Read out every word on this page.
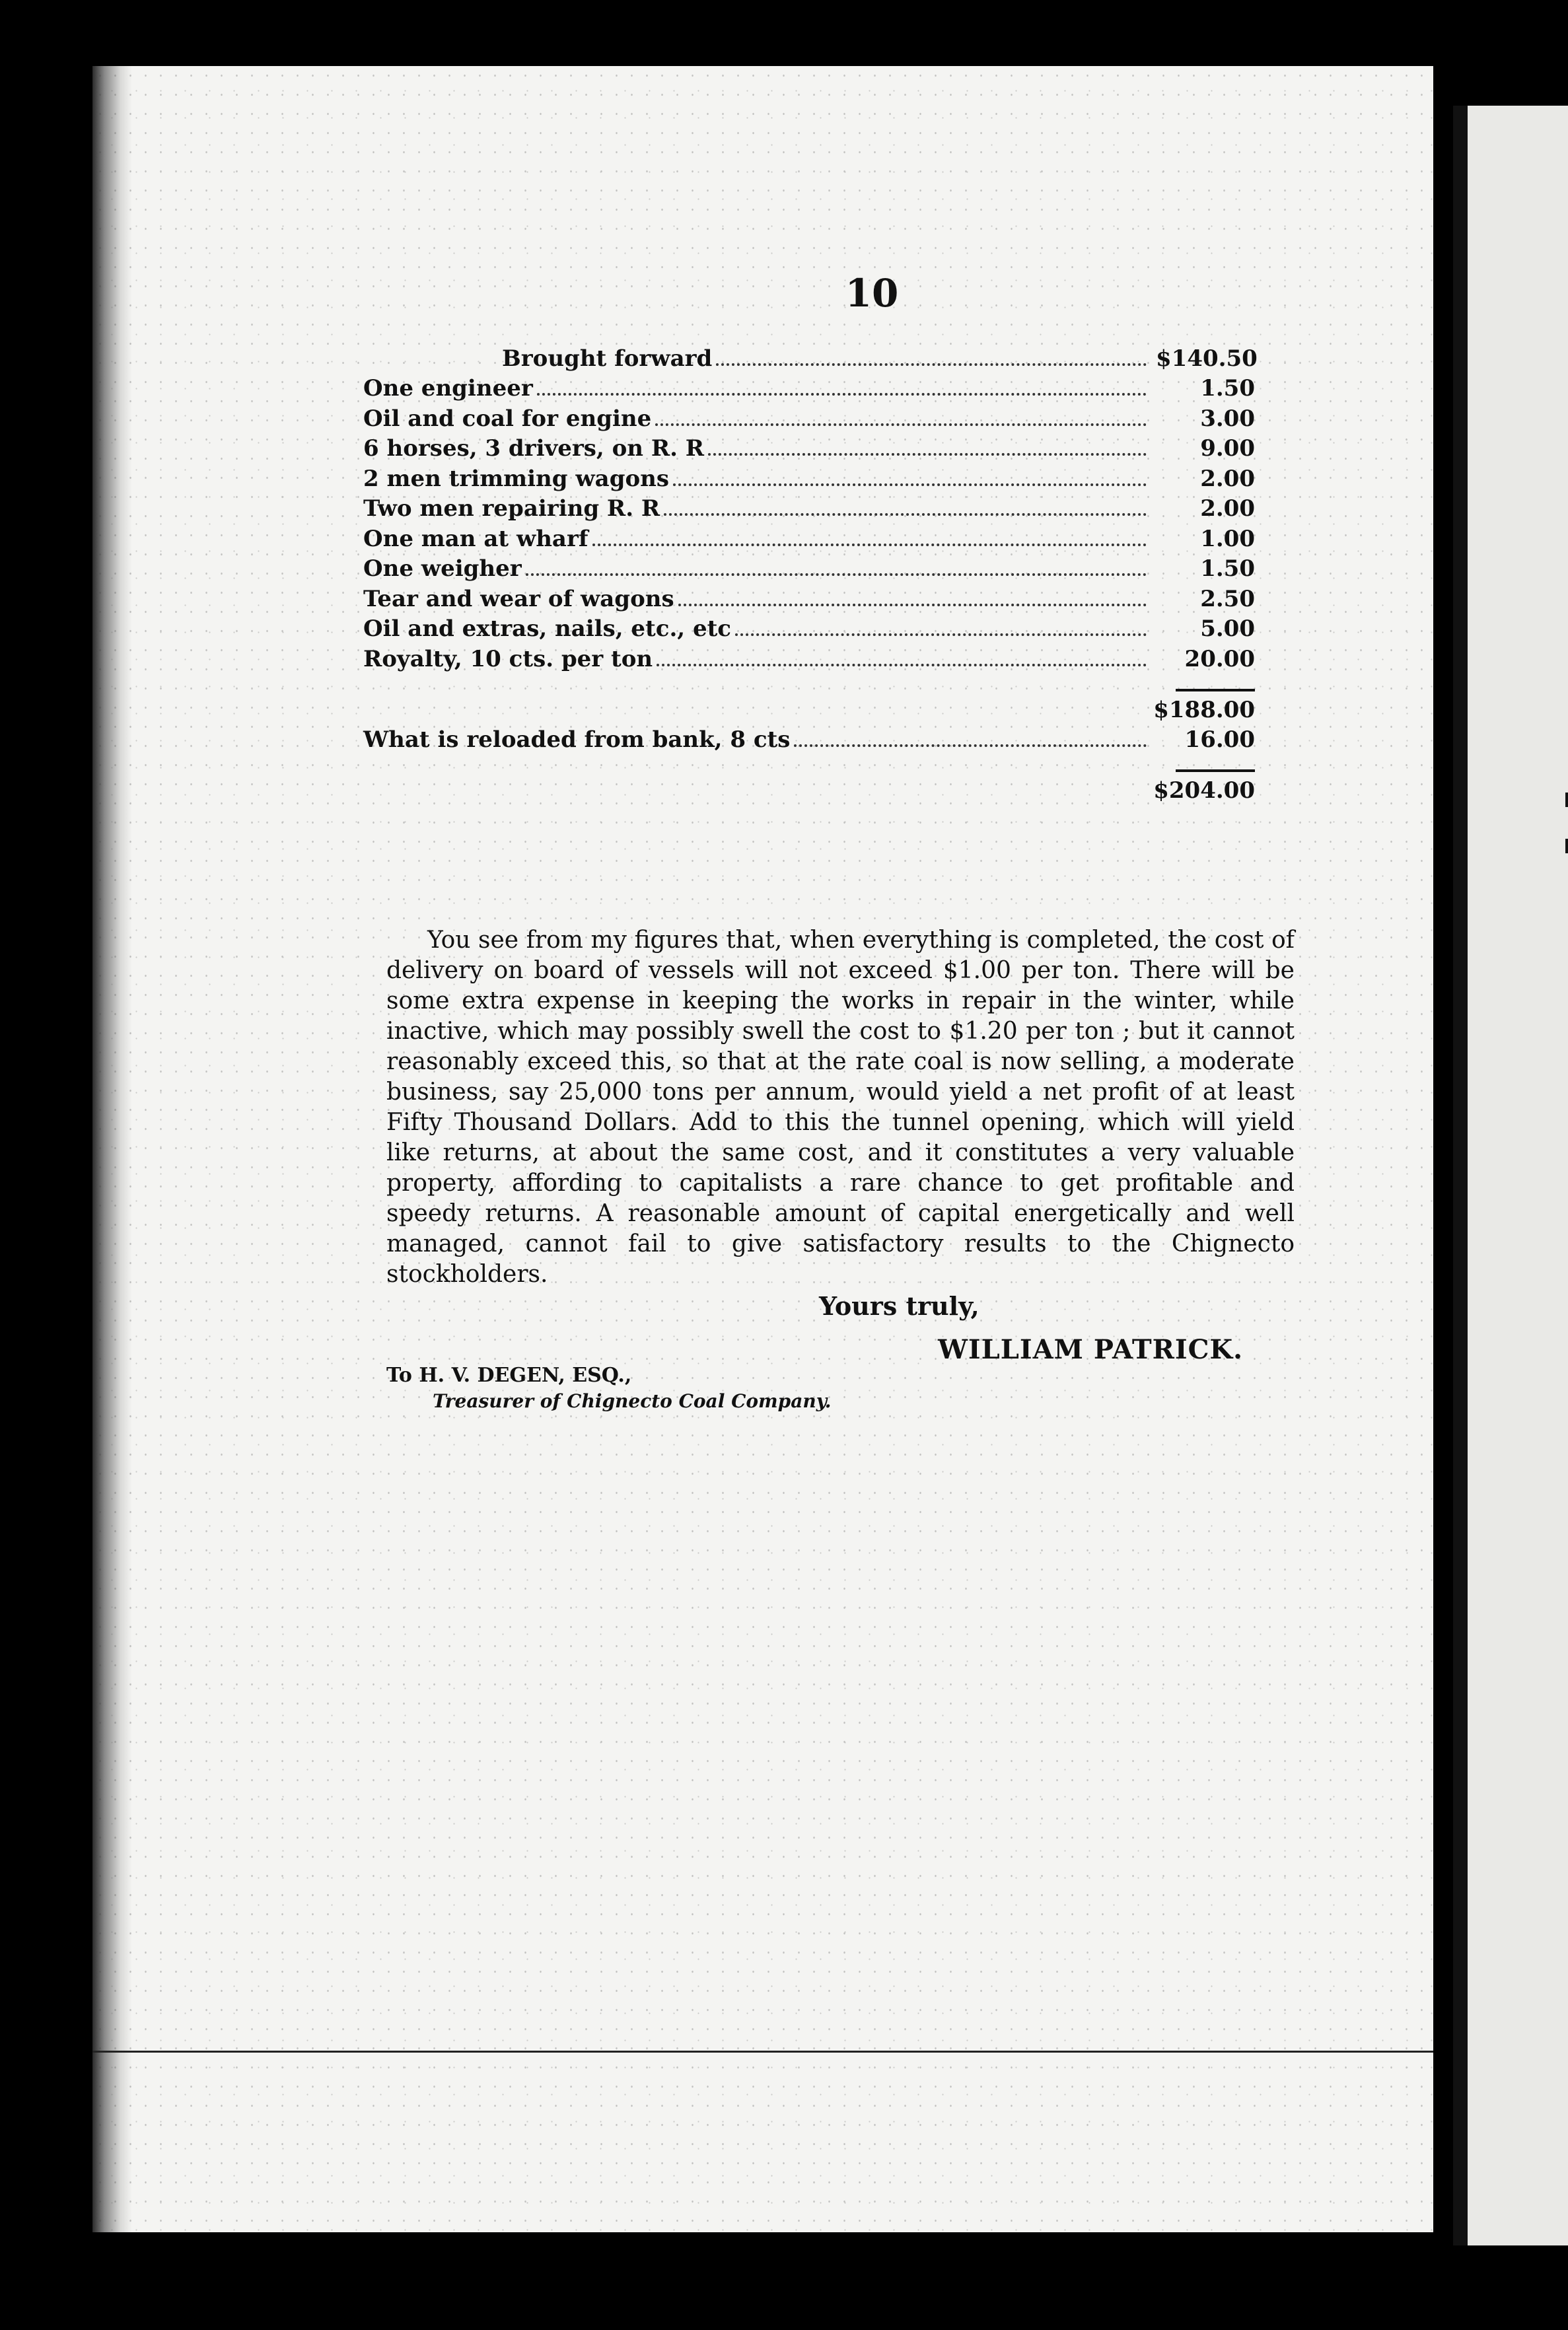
10
Brought forward	$140.50
One engineer	1.50
Oil and coal for engine	3.00
6 horses, 3 drivers, on R. R	9.00
2 men trimming wagons	2.00
Two men repairing R. R	2.00
One man at wharf	1.00
One weigher	1.50
Tear and wear of wagons	2.50
Oil and extras, nails, etc., etc	5.00
Royalty, 10 cts. per ton	20.00
$188.00
What is reloaded from bank, 8 cts	16.00
$204.00

You see from my figures that, when everything is completed, the cost of delivery on board of vessels will not exceed $1.00 per ton. There will be some extra expense in keeping the works in repair in the winter, while inactive, which may possibly swell the cost to $1.20 per ton ; but it cannot reasonably exceed this, so that at the rate coal is now selling, a moderate business, say 25,000 tons per annum, would yield a net profit of at least Fifty Thousand Dollars. Add to this the tunnel opening, which will yield like returns, at about the same cost, and it constitutes a very valuable property, affording to capitalists a rare chance to get profitable and speedy returns. A reasonable amount of capital energetically and well managed, cannot fail to give satisfactory results to the Chignecto stockholders.

Yours truly,
WILLIAM PATRICK.
To H. V. DEGEN, ESQ.,
Treasurer of Chignecto Coal Company.
